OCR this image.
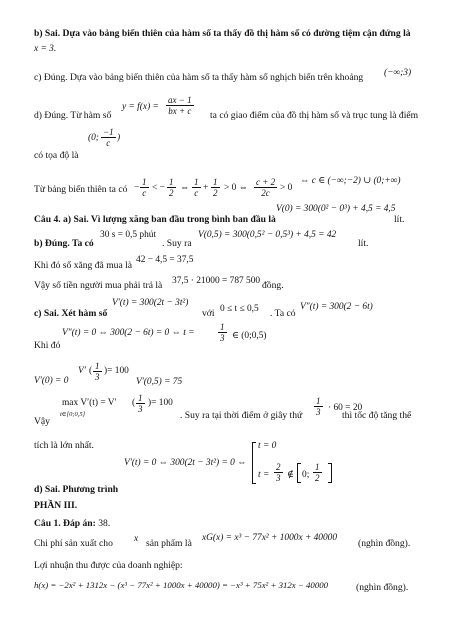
b) Sai. Dựa vào bảng biến thiên của hàm số ta thấy đồ thị hàm số có đường tiệm cận đứng là
x = 3.
c) Đúng. Dựa vào bảng biến thiên của hàm số ta thấy hàm số nghịch biến trên khoảng (−∞;3)
d) Đúng. Từ hàm số
$y = f(x) = \frac{ax - 1}{bx + c}$ ta có giao điểm của đồ thị hàm số và trục tung là điểm
(0; $\frac{-1}{c}$ )
có tọa độ là
Từ bảng biến thiên ta có $\frac{1}{c}$
− < − $\frac{1}{2}$ ⇔ $\frac{1}{c} + \frac{1}{2} > 0$ ⇔ $\frac{c + 2}{2c} > 0$
⇔ c ∈ (−∞;−2) ∪ (0;+∞)
Câu 4. a) Sai. Vì lượng xăng ban đầu trong bình ban đầu là
V(0) = 300(0² − 0³) + 4,5 = 4,5
lít.
b) Đúng. Ta có
30 s = 0,5 phút
. Suy ra
V(0,5) = 300(0,5² − 0,5³) + 4,5 = 42
lít.
Khi đó số xăng đã mua là 42 − 4,5 = 37,5
Vậy số tiền người mua phải trả là 37,5 · 21000 = 787 500 đồng.
c) Sai. Xét hàm số
V′(t) = 300(2t − 3t²)
với 0 ≤ t ≤ 0,5 . Ta có
V″(t) = 300(2 − 6t)
Khi đó
V″(t) = 0 ⇔ 300(2 − 6t) = 0 ⇔ t =	$\frac{1}{3}$ ∈ (0;0,5)
V′(0) = 0
V′ ( $\frac{1}{3}$ )= 100
V′(0,5) = 75
Vậy
max V′(t) = V′
t∈[0;0,5]
( $\frac{1}{3}$ )= 100
. Suy ra tại thời điểm ở giây thứ $\frac{1}{3} \cdot 60 = 20$
thì tốc độ tăng thể
tích là lớn nhất.
d) Sai. Phương trình
V′(t) = 0 ⇔ 300(2t − 3t²) = 0 ⇔
t = 0
$t = \frac{2}{3}$ ∉ 0; $\frac{1}{2}$
PHẦN III.
Câu 1. Đáp án: 38.
Chi phí sản xuất cho x sản phẩm là xG(x) = x³ − 77x² + 1000x + 40000 (nghìn đồng).
Lợi nhuận thu được của doanh nghiệp:
h(x) = −2x² + 1312x − (x³ − 77x² + 1000x + 40000) = −x³ + 75x² + 312x − 40000	(nghìn đồng).
